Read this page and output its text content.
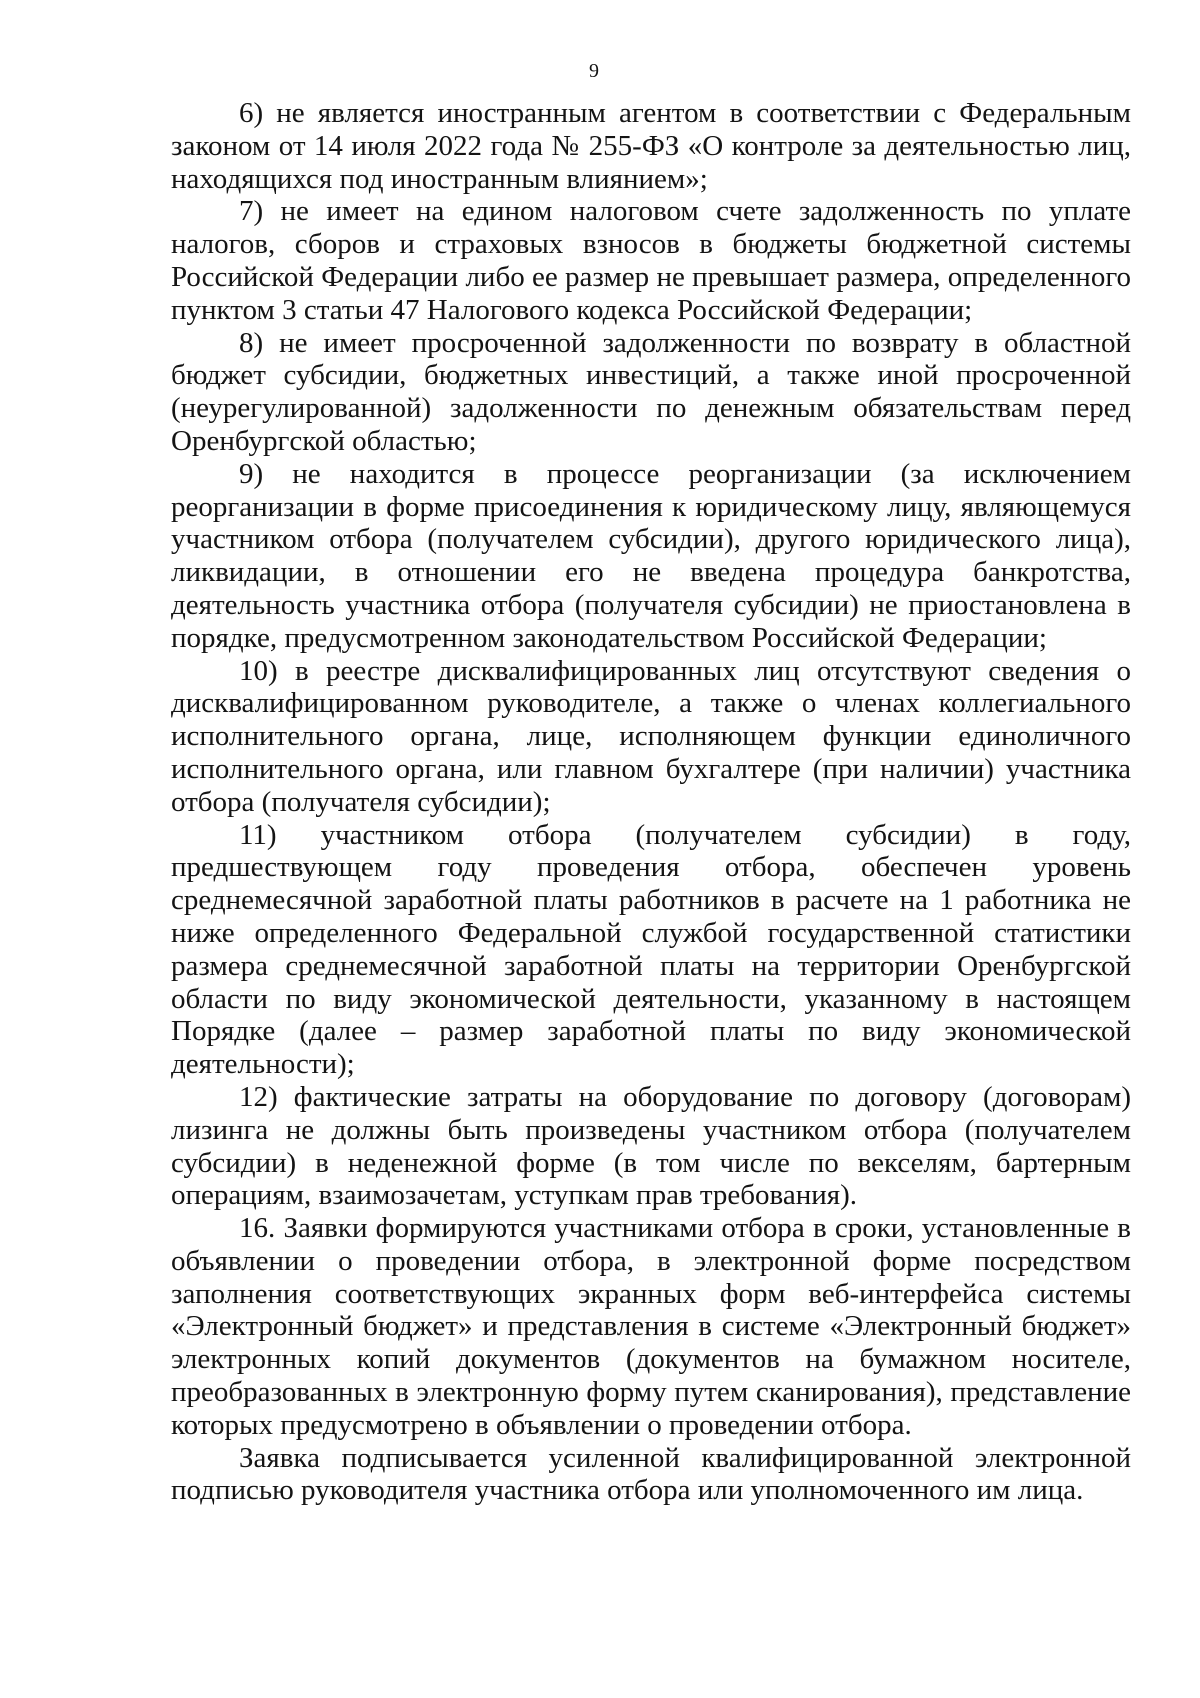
9

6) не является иностранным агентом в соответствии с Федеральным законом от 14 июля 2022 года № 255-ФЗ «О контроле за деятельностью лиц, находящихся под иностранным влиянием»;

7) не имеет на едином налоговом счете задолженность по уплате налогов, сборов и страховых взносов в бюджеты бюджетной системы Российской Федерации либо ее размер не превышает размера, определенного пунктом 3 статьи 47 Налогового кодекса Российской Федерации;

8) не имеет просроченной задолженности по возврату в областной бюджет субсидии, бюджетных инвестиций, а также иной просроченной (неурегулированной) задолженности по денежным обязательствам перед Оренбургской областью;

9) не находится в процессе реорганизации (за исключением реорганизации в форме присоединения к юридическому лицу, являющемуся участником отбора (получателем субсидии), другого юридического лица), ликвидации, в отношении его не введена процедура банкротства, деятельность участника отбора (получателя субсидии) не приостановлена в порядке, предусмотренном законодательством Российской Федерации;

10) в реестре дисквалифицированных лиц отсутствуют сведения о дисквалифицированном руководителе, а также о членах коллегиального исполнительного органа, лице, исполняющем функции единоличного исполнительного органа, или главном бухгалтере (при наличии) участника отбора (получателя субсидии);

11) участником отбора (получателем субсидии) в году, предшествующем году проведения отбора, обеспечен уровень среднемесячной заработной платы работников в расчете на 1 работника не ниже определенного Федеральной службой государственной статистики размера среднемесячной заработной платы на территории Оренбургской области по виду экономической деятельности, указанному в настоящем Порядке (далее – размер заработной платы по виду экономической деятельности);

12) фактические затраты на оборудование по договору (договорам) лизинга не должны быть произведены участником отбора (получателем субсидии) в неденежной форме (в том числе по векселям, бартерным операциям, взаимозачетам, уступкам прав требования).

16. Заявки формируются участниками отбора в сроки, установленные в объявлении о проведении отбора, в электронной форме посредством заполнения соответствующих экранных форм веб-интерфейса системы «Электронный бюджет» и представления в системе «Электронный бюджет» электронных копий документов (документов на бумажном носителе, преобразованных в электронную форму путем сканирования), представление которых предусмотрено в объявлении о проведении отбора.

Заявка подписывается усиленной квалифицированной электронной подписью руководителя участника отбора или уполномоченного им лица.
